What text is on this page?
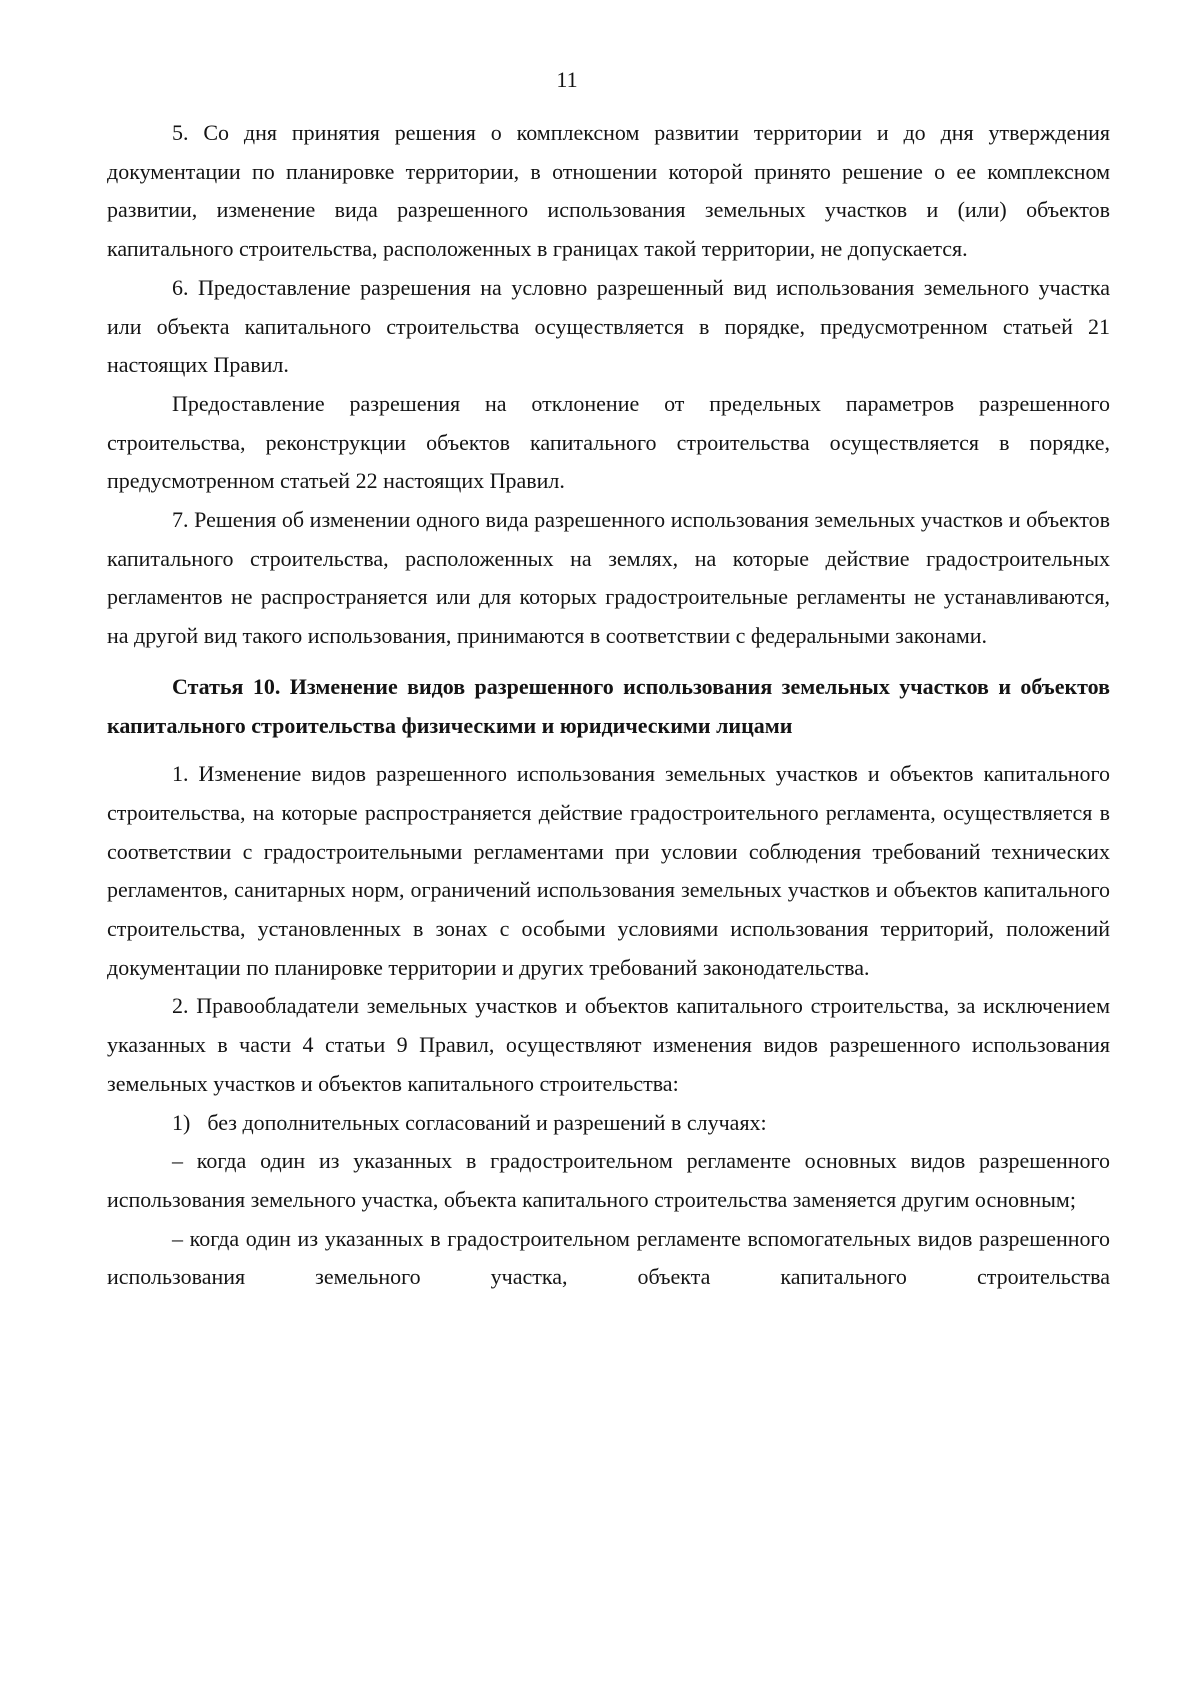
11

5. Со дня принятия решения о комплексном развитии территории и до дня утверждения документации по планировке территории, в отношении которой принято решение о ее комплексном развитии, изменение вида разрешенного использования земельных участков и (или) объектов капитального строительства, расположенных в границах такой территории, не допускается.

6. Предоставление разрешения на условно разрешенный вид использования земельного участка или объекта капитального строительства осуществляется в порядке, предусмотренном статьей 21 настоящих Правил.

Предоставление разрешения на отклонение от предельных параметров разрешенного строительства, реконструкции объектов капитального строительства осуществляется в порядке, предусмотренном статьей 22 настоящих Правил.

7. Решения об изменении одного вида разрешенного использования земельных участков и объектов капитального строительства, расположенных на землях, на которые действие градостроительных регламентов не распространяется или для которых градостроительные регламенты не устанавливаются, на другой вид такого использования, принимаются в соответствии с федеральными законами.

Статья 10. Изменение видов разрешенного использования земельных участков и объектов капитального строительства физическими и юридическими лицами

1. Изменение видов разрешенного использования земельных участков и объектов капитального строительства, на которые распространяется действие градостроительного регламента, осуществляется в соответствии с градостроительными регламентами при условии соблюдения требований технических регламентов, санитарных норм, ограничений использования земельных участков и объектов капитального строительства, установленных в зонах с особыми условиями использования территорий, положений документации по планировке территории и других требований законодательства.

2. Правообладатели земельных участков и объектов капитального строительства, за исключением указанных в части 4 статьи 9 Правил, осуществляют изменения видов разрешенного использования земельных участков и объектов капитального строительства:

1) без дополнительных согласований и разрешений в случаях:

– когда один из указанных в градостроительном регламенте основных видов разрешенного использования земельного участка, объекта капитального строительства заменяется другим основным;

– когда один из указанных в градостроительном регламенте вспомогательных видов разрешенного использования земельного участка, объекта капитального строительства
